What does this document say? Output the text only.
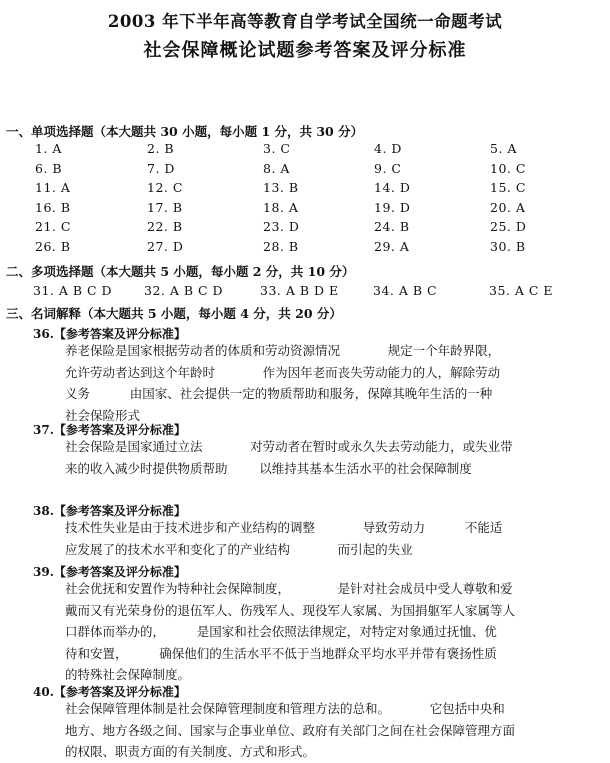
2003 年下半年高等教育自学考试全国统一命题考试
社会保障概论试题参考答案及评分标准
一、单项选择题（本大题共 30 小题，每小题 1 分，共 30 分）
1. A	2. B	3. C	4. D	5. A
6. B	7. D	8. A	9. C	10. C
11. A	12. C	13. B	14. D	15. C
16. B	17. B	18. A	19. D	20. A
21. C	22. B	23. D	24. B	25. D
26. B	27. D	28. B	29. A	30. B
二、多项选择题（本大题共 5 小题，每小题 2 分，共 10 分）
31. A B C D	32. A B C D	33. A B D E	34. A B C	35. A C E
三、名词解释（本大题共 5 小题，每小题 4 分，共 20 分）
36.【参考答案及评分标准】
养老保险是国家根据劳动者的体质和劳动资源情况            规定一个年龄界限，
允许劳动者达到这个年龄时            作为因年老而丧失劳动能力的人，解除劳动
义务          由国家、社会提供一定的物质帮助和服务，保障其晚年生活的一种
社会保险形式
37.【参考答案及评分标准】
社会保险是国家通过立法            对劳动者在暂时或永久失去劳动能力，或失业带
来的收入减少时提供物质帮助        以维持其基本生活水平的社会保障制度
38.【参考答案及评分标准】
技术性失业是由于技术进步和产业结构的调整            导致劳动力          不能适
应发展了的技术水平和变化了的产业结构            而引起的失业
39.【参考答案及评分标准】
社会优抚和安置作为特种社会保障制度，            是针对社会成员中受人尊敬和爱
戴而又有光荣身份的退伍军人、伤残军人、现役军人家属、为国捐躯军人家属等人
口群体而举办的，        是国家和社会依照法律规定，对特定对象通过抚恤、优
待和安置，        确保他们的生活水平不低于当地群众平均水平并带有褒扬性质
的特殊社会保障制度。
40.【参考答案及评分标准】
社会保障管理体制是社会保障管理制度和管理方法的总和。          它包括中央和
地方、地方各级之间、国家与企事业单位、政府有关部门之间在社会保障管理方面
的权限、职责方面的有关制度、方式和形式。
